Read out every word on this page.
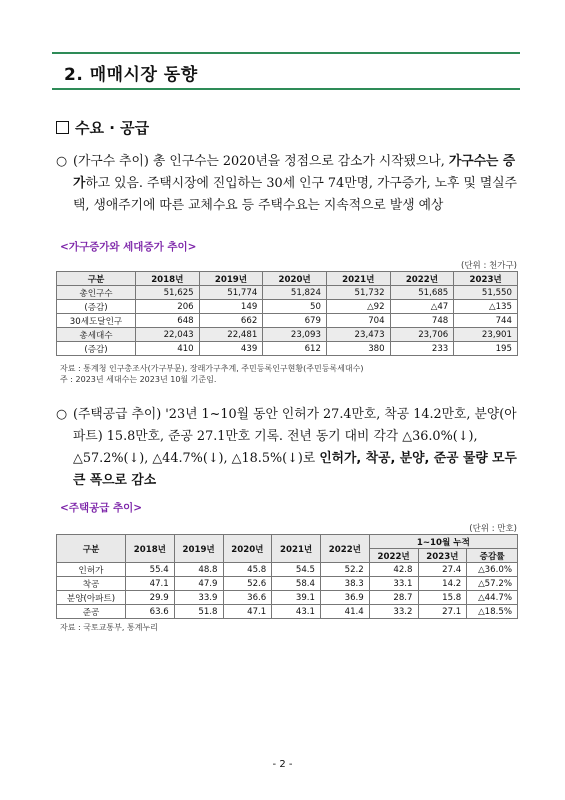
2. 매매시장 동향
수요 · 공급
○ (가구수 추이) 총 인구수는 2020년을 정점으로 감소가 시작됐으나, 가구수는 증가하고 있음. 주택시장에 진입하는 30세 인구 74만명, 가구증가, 노후 및 멸실주택, 생애주기에 따른 교체수요 등 주택수요는 지속적으로 발생 예상
<가구증가와 세대증가 추이>
(단위 : 천가구)
구분	2018년	2019년	2020년	2021년	2022년	2023년
총인구수	51,625	51,774	51,824	51,732	51,685	51,550
(증감)	206	149	50	△92	△47	△135
30세도달인구	648	662	679	704	748	744
총세대수	22,043	22,481	23,093	23,473	23,706	23,901
(증감)	410	439	612	380	233	195
자료 : 통계청 인구총조사(가구부문), 장래가구추계, 주민등록인구현황(주민등록세대수)
주 : 2023년 세대수는 2023년 10월 기준임.
○ (주택공급 추이) '23년 1~10월 동안 인허가 27.4만호, 착공 14.2만호, 분양(아파트) 15.8만호, 준공 27.1만호 기록. 전년 동기 대비 각각 △36.0%(↓), △57.2%(↓), △44.7%(↓), △18.5%(↓)로 인허가, 착공, 분양, 준공 물량 모두 큰 폭으로 감소
<주택공급 추이>
(단위 : 만호)
구분	2018년	2019년	2020년	2021년	2022년	1~10월 누적		
						2022년	2023년	증감률
인허가	55.4	48.8	45.8	54.5	52.2	42.8	27.4	△36.0%
착공	47.1	47.9	52.6	58.4	38.3	33.1	14.2	△57.2%
분양(아파트)	29.9	33.9	36.6	39.1	36.9	28.7	15.8	△44.7%
준공	63.6	51.8	47.1	43.1	41.4	33.2	27.1	△18.5%
자료 : 국토교통부, 통계누리
- 2 -
